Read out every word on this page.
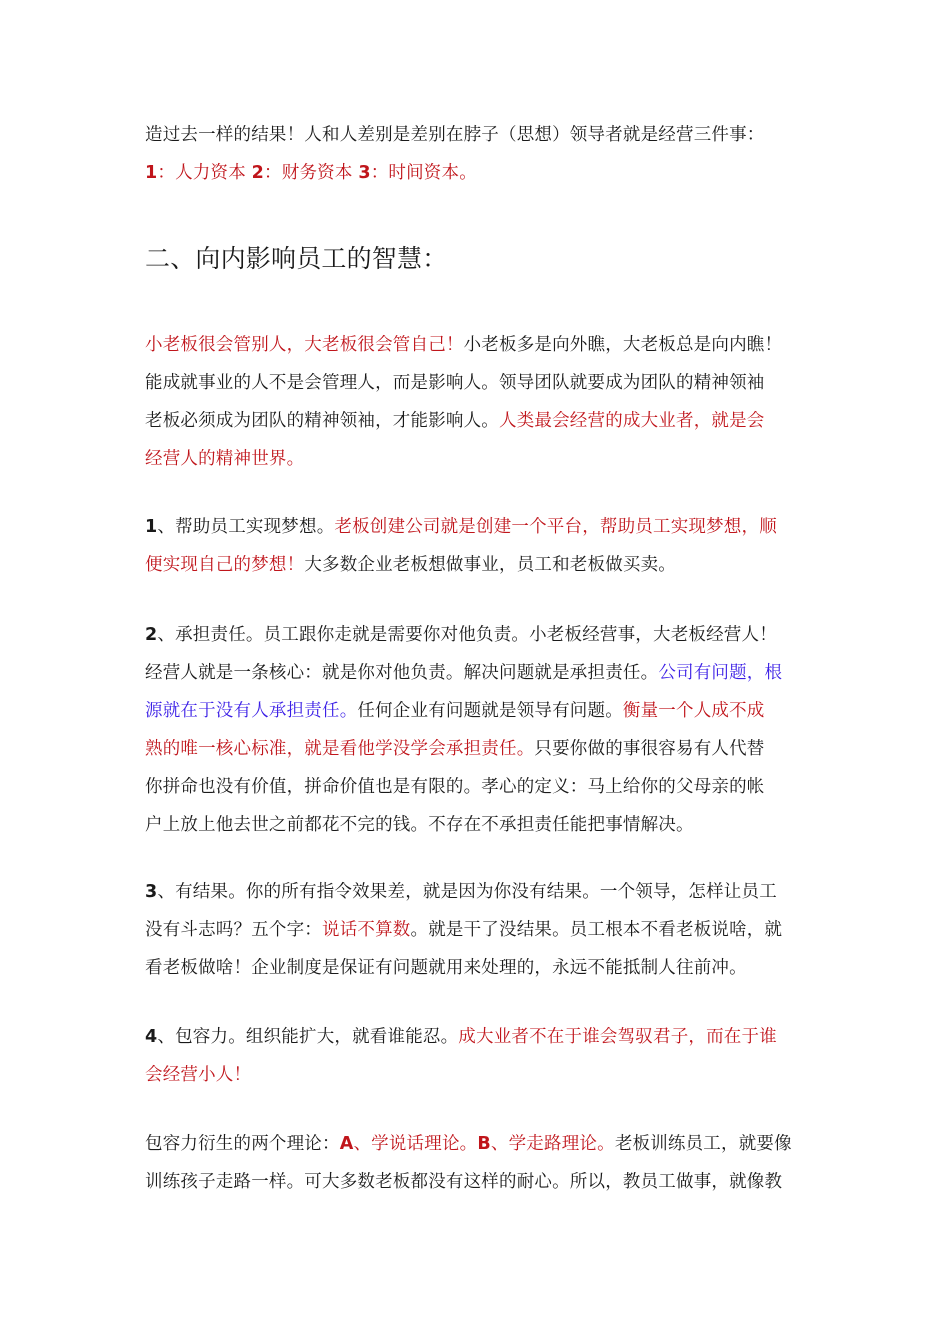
造过去一样的结果！人和人差别是差别在脖子（思想）领导者就是经营三件事：
1：人力资本 2：财务资本 3：时间资本。
二、向内影响员工的智慧：
小老板很会管别人，大老板很会管自己！小老板多是向外瞧，大老板总是向内瞧！
能成就事业的人不是会管理人，而是影响人。领导团队就要成为团队的精神领袖
老板必须成为团队的精神领袖，才能影响人。人类最会经营的成大业者，就是会
经营人的精神世界。
1、帮助员工实现梦想。老板创建公司就是创建一个平台，帮助员工实现梦想，顺
便实现自己的梦想！大多数企业老板想做事业，员工和老板做买卖。
2、承担责任。员工跟你走就是需要你对他负责。小老板经营事，大老板经营人！
经营人就是一条核心：就是你对他负责。解决问题就是承担责任。公司有问题，根
源就在于没有人承担责任。任何企业有问题就是领导有问题。衡量一个人成不成
熟的唯一核心标准，就是看他学没学会承担责任。只要你做的事很容易有人代替
你拼命也没有价值，拼命价值也是有限的。孝心的定义：马上给你的父母亲的帐
户上放上他去世之前都花不完的钱。不存在不承担责任能把事情解决。
3、有结果。你的所有指令效果差，就是因为你没有结果。一个领导，怎样让员工
没有斗志吗？五个字：说话不算数。就是干了没结果。员工根本不看老板说啥，就
看老板做啥！企业制度是保证有问题就用来处理的，永远不能抵制人往前冲。
4、包容力。组织能扩大，就看谁能忍。成大业者不在于谁会驾驭君子，而在于谁
会经营小人！
包容力衍生的两个理论：A、学说话理论。B、学走路理论。老板训练员工，就要像
训练孩子走路一样。可大多数老板都没有这样的耐心。所以，教员工做事，就像教
